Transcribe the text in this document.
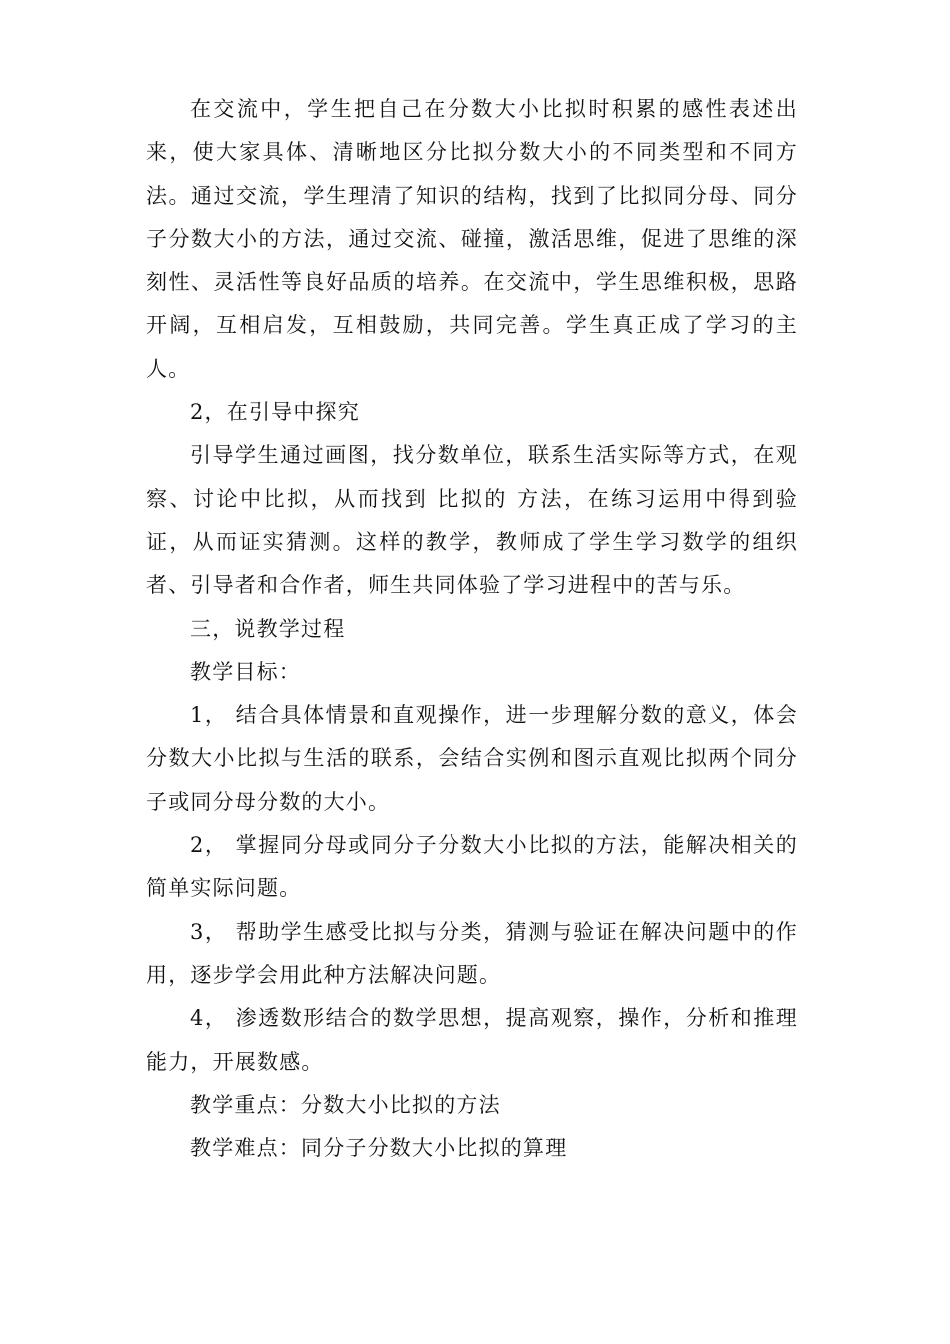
在交流中，学生把自己在分数大小比拟时积累的感性表述出来，使大家具体、清晰地区分比拟分数大小的不同类型和不同方法。通过交流，学生理清了知识的结构，找到了比拟同分母、同分子分数大小的方法，通过交流、碰撞，激活思维，促进了思维的深刻性、灵活性等良好品质的培养。在交流中，学生思维积极，思路开阔，互相启发，互相鼓励，共同完善。学生真正成了学习的主人。

2，在引导中探究

引导学生通过画图，找分数单位，联系生活实际等方式，在观察、讨论中比拟，从而找到 比拟的 方法，在练习运用中得到验证，从而证实猜测。这样的教学，教师成了学生学习数学的组织者、引导者和合作者，师生共同体验了学习进程中的苦与乐。

三，说教学过程

教学目标：

1， 结合具体情景和直观操作，进一步理解分数的意义，体会分数大小比拟与生活的联系，会结合实例和图示直观比拟两个同分子或同分母分数的大小。

2， 掌握同分母或同分子分数大小比拟的方法，能解决相关的简单实际问题。

3， 帮助学生感受比拟与分类，猜测与验证在解决问题中的作用，逐步学会用此种方法解决问题。

4， 渗透数形结合的数学思想，提高观察，操作，分析和推理能力，开展数感。

教学重点：分数大小比拟的方法

教学难点：同分子分数大小比拟的算理
